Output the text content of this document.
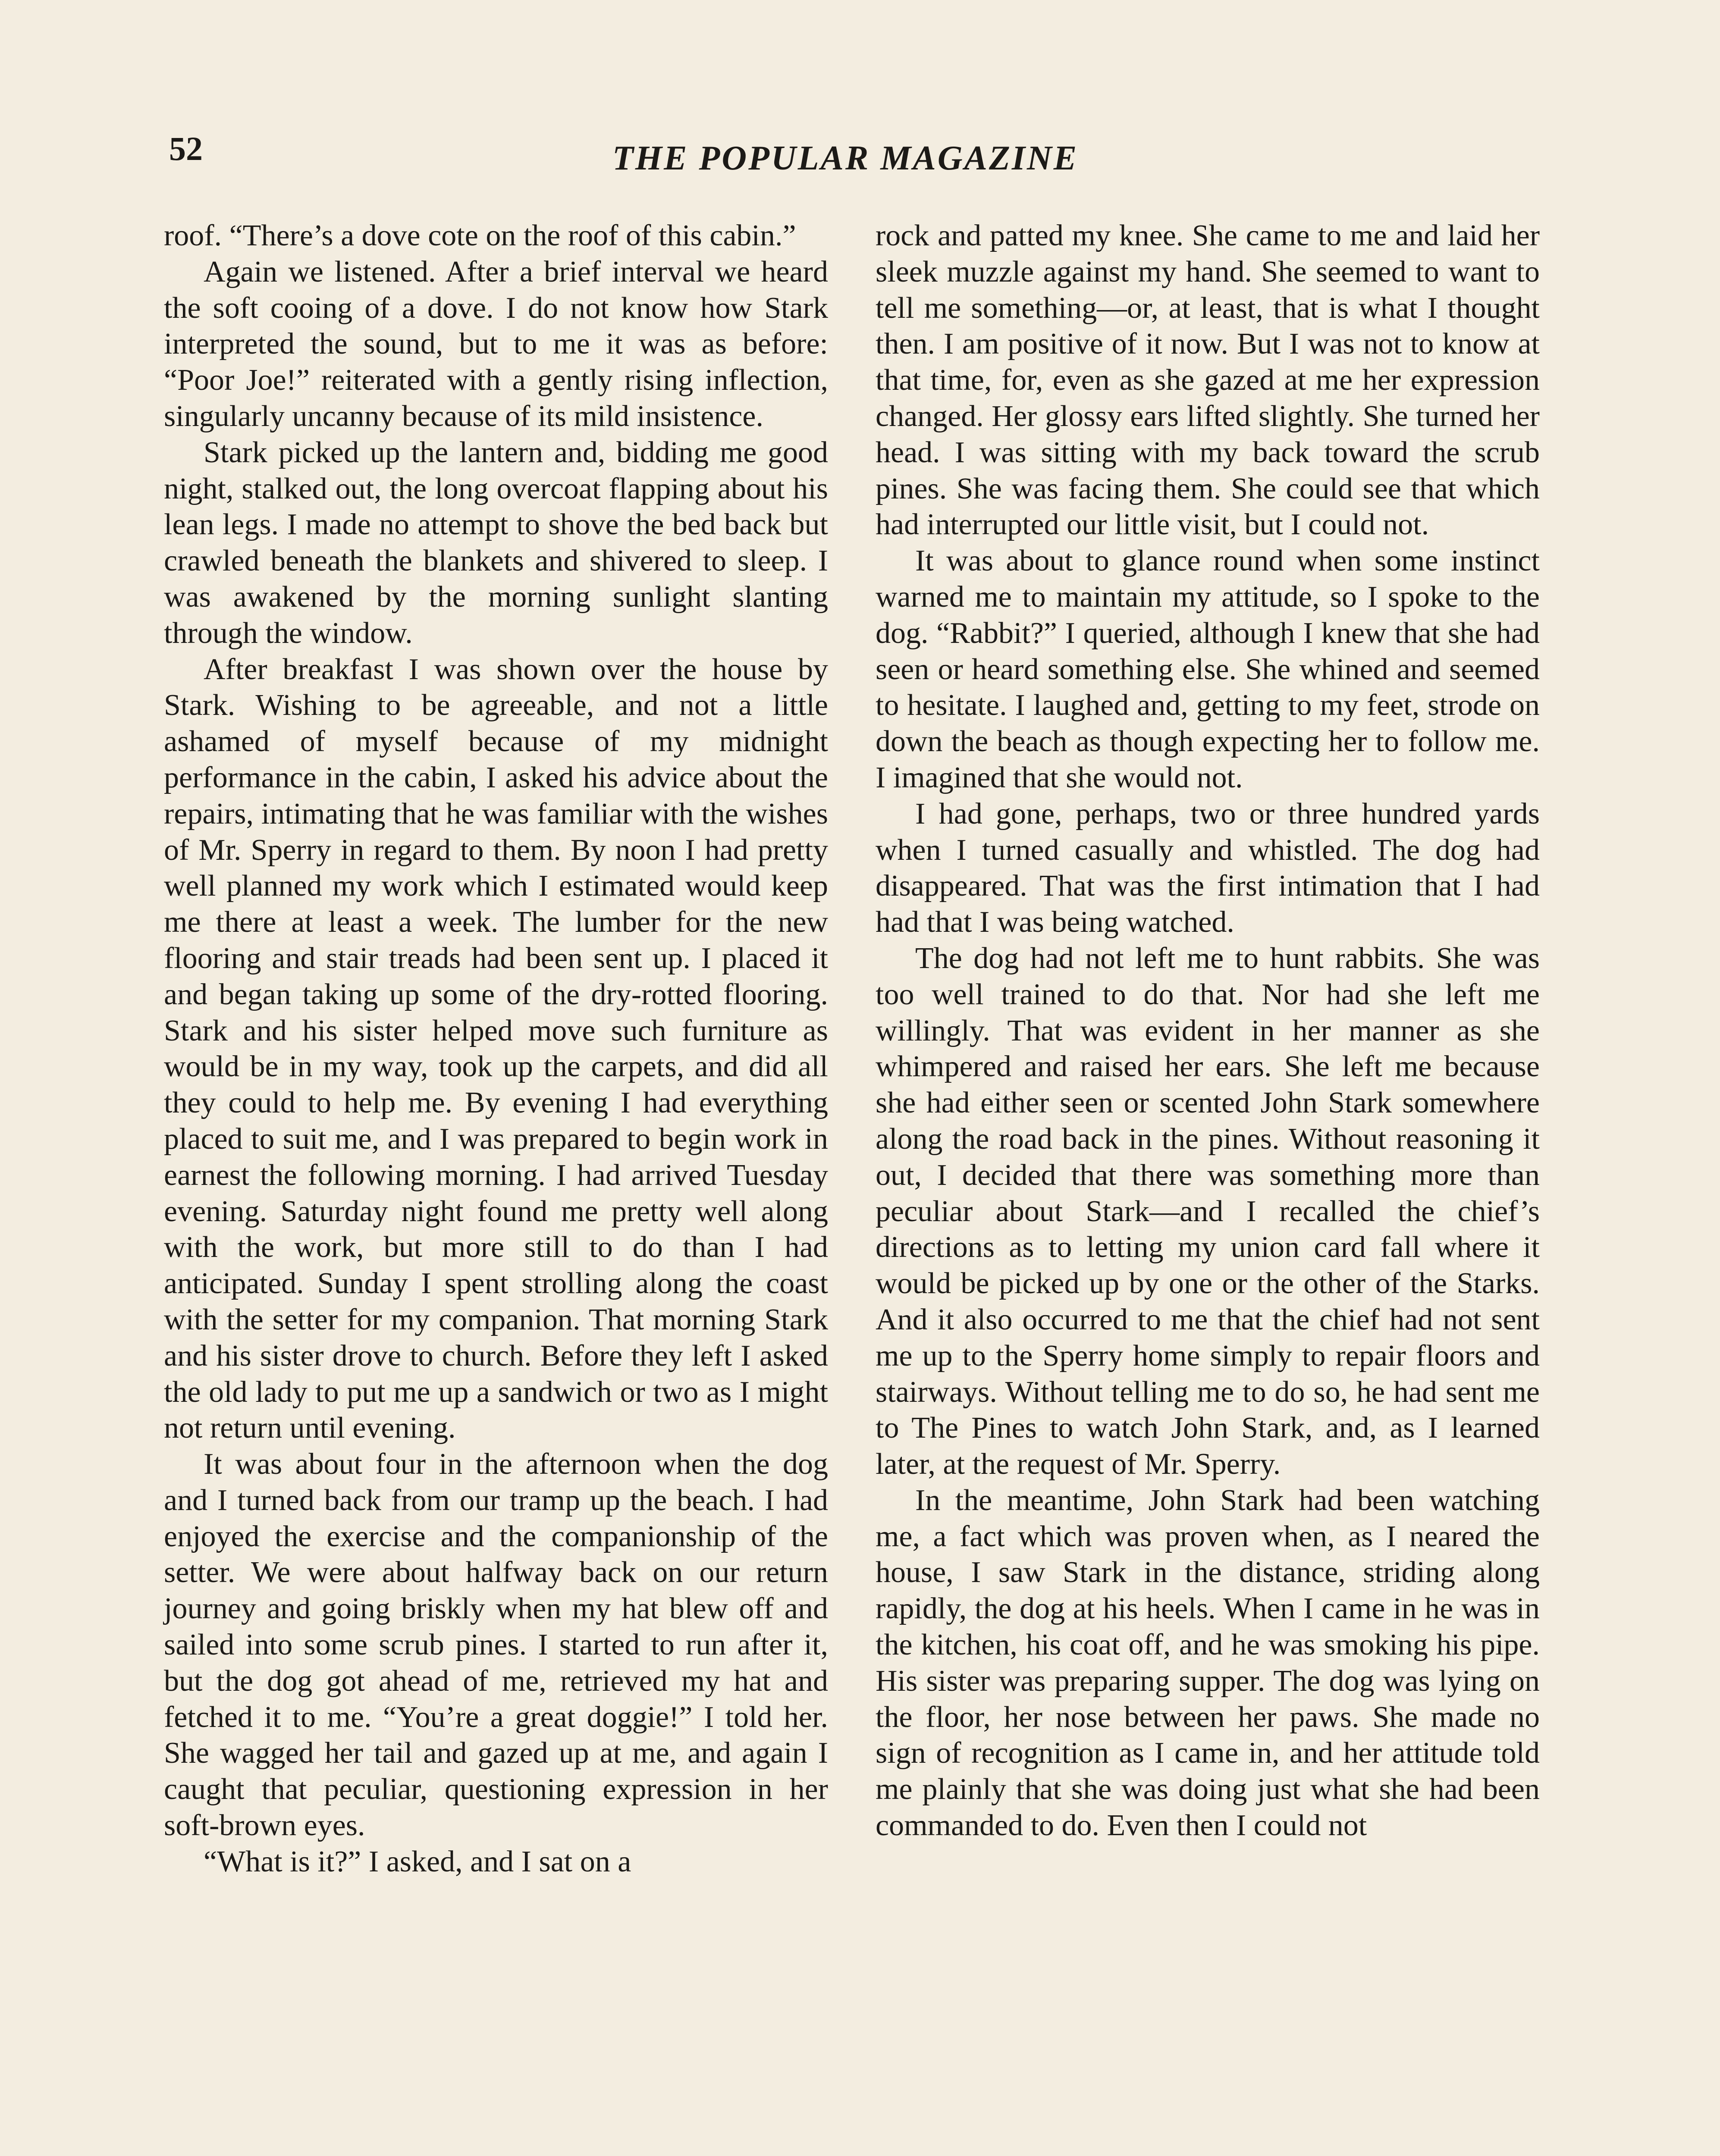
52	THE POPULAR MAGAZINE

roof. “There’s a dove cote on the roof of this cabin.”

Again we listened. After a brief interval we heard the soft cooing of a dove. I do not know how Stark interpreted the sound, but to me it was as before: “Poor Joe!” reiterated with a gently rising inflection, singularly uncanny because of its mild insistence.

Stark picked up the lantern and, bidding me good night, stalked out, the long overcoat flapping about his lean legs. I made no attempt to shove the bed back but crawled beneath the blankets and shivered to sleep. I was awakened by the morning sunlight slanting through the window.

After breakfast I was shown over the house by Stark. Wishing to be agreeable, and not a little ashamed of myself because of my midnight performance in the cabin, I asked his advice about the repairs, intimating that he was familiar with the wishes of Mr. Sperry in regard to them. By noon I had pretty well planned my work which I estimated would keep me there at least a week. The lumber for the new flooring and stair treads had been sent up. I placed it and began taking up some of the dry-rotted flooring. Stark and his sister helped move such furniture as would be in my way, took up the carpets, and did all they could to help me. By evening I had everything placed to suit me, and I was prepared to begin work in earnest the following morning. I had arrived Tuesday evening. Saturday night found me pretty well along with the work, but more still to do than I had anticipated. Sunday I spent strolling along the coast with the setter for my companion. That morning Stark and his sister drove to church. Before they left I asked the old lady to put me up a sandwich or two as I might not return until evening.

It was about four in the afternoon when the dog and I turned back from our tramp up the beach. I had enjoyed the exercise and the companionship of the setter. We were about halfway back on our return journey and going briskly when my hat blew off and sailed into some scrub pines. I started to run after it, but the dog got ahead of me, retrieved my hat and fetched it to me. “You’re a great doggie!” I told her. She wagged her tail and gazed up at me, and again I caught that peculiar, questioning expression in her soft-brown eyes.

“What is it?” I asked, and I sat on a

rock and patted my knee. She came to me and laid her sleek muzzle against my hand. She seemed to want to tell me something—or, at least, that is what I thought then. I am positive of it now. But I was not to know at that time, for, even as she gazed at me her expression changed. Her glossy ears lifted slightly. She turned her head. I was sitting with my back toward the scrub pines. She was facing them. She could see that which had interrupted our little visit, but I could not.

It was about to glance round when some instinct warned me to maintain my attitude, so I spoke to the dog. “Rabbit?” I queried, although I knew that she had seen or heard something else. She whined and seemed to hesitate. I laughed and, getting to my feet, strode on down the beach as though expecting her to follow me. I imagined that she would not.

I had gone, perhaps, two or three hundred yards when I turned casually and whistled. The dog had disappeared. That was the first intimation that I had had that I was being watched.

The dog had not left me to hunt rabbits. She was too well trained to do that. Nor had she left me willingly. That was evident in her manner as she whimpered and raised her ears. She left me because she had either seen or scented John Stark somewhere along the road back in the pines. Without reasoning it out, I decided that there was something more than peculiar about Stark—and I recalled the chief’s directions as to letting my union card fall where it would be picked up by one or the other of the Starks. And it also occurred to me that the chief had not sent me up to the Sperry home simply to repair floors and stairways. Without telling me to do so, he had sent me to The Pines to watch John Stark, and, as I learned later, at the request of Mr. Sperry.

In the meantime, John Stark had been watching me, a fact which was proven when, as I neared the house, I saw Stark in the distance, striding along rapidly, the dog at his heels. When I came in he was in the kitchen, his coat off, and he was smoking his pipe. His sister was preparing supper. The dog was lying on the floor, her nose between her paws. She made no sign of recognition as I came in, and her attitude told me plainly that she was doing just what she had been commanded to do. Even then I could not
